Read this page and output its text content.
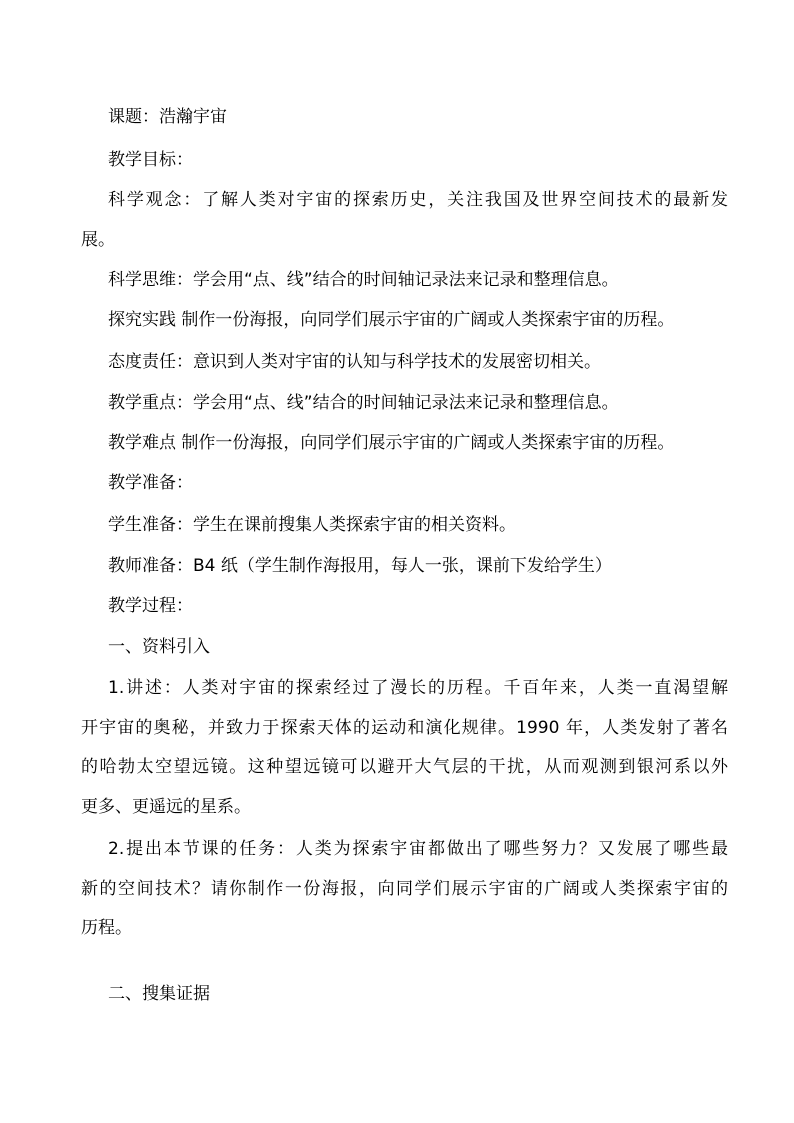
课题：浩瀚宇宙
教学目标：
科学观念：了解人类对宇宙的探索历史，关注我国及世界空间技术的最新发
展。
科学思维：学会用“点、线”结合的时间轴记录法来记录和整理信息。
探究实践 制作一份海报，向同学们展示宇宙的广阔或人类探索宇宙的历程。
态度责任：意识到人类对宇宙的认知与科学技术的发展密切相关。
教学重点：学会用“点、线”结合的时间轴记录法来记录和整理信息。
教学难点 制作一份海报，向同学们展示宇宙的广阔或人类探索宇宙的历程。
教学准备：
学生准备：学生在课前搜集人类探索宇宙的相关资料。
教师准备：B4 纸（学生制作海报用，每人一张，课前下发给学生）
教学过程：
一、资料引入
1.讲述：人类对宇宙的探索经过了漫长的历程。千百年来，人类一直渴望解
开宇宙的奥秘，并致力于探索天体的运动和演化规律。1990 年，人类发射了著名
的哈勃太空望远镜。这种望远镜可以避开大气层的干扰，从而观测到银河系以外
更多、更遥远的星系。
2.提出本节课的任务：人类为探索宇宙都做出了哪些努力？又发展了哪些最
新的空间技术？请你制作一份海报，向同学们展示宇宙的广阔或人类探索宇宙的
历程。
二、搜集证据
